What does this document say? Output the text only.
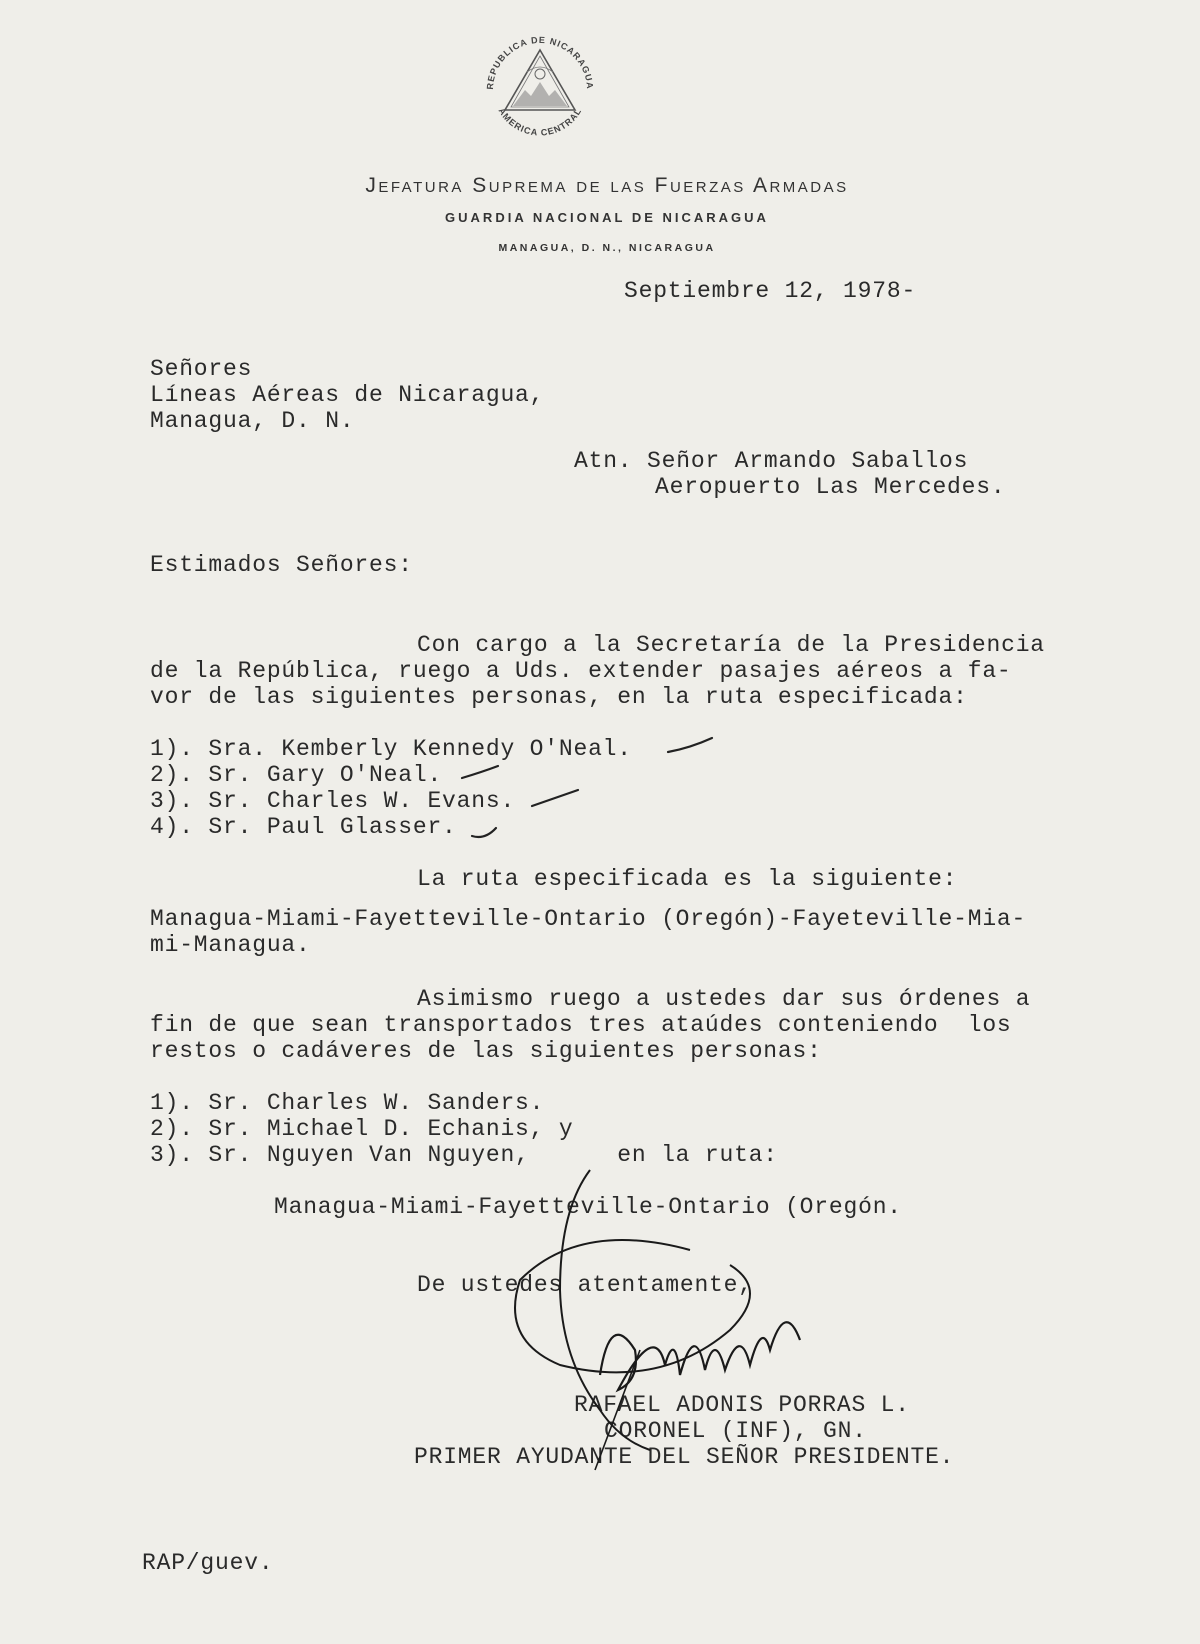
REPUBLICA DE NICARAGUA
AMERICA CENTRAL
Jefatura Suprema de las Fuerzas Armadas
GUARDIA NACIONAL DE NICARAGUA
MANAGUA, D. N., NICARAGUA
Septiembre 12, 1978-
Señores
Líneas Aéreas de Nicaragua,
Managua, D. N.
Atn. Señor Armando Saballos
Aeropuerto Las Mercedes.
Estimados Señores:
Con cargo a la Secretaría de la Presidencia
de la República, ruego a Uds. extender pasajes aéreos a fa-
vor de las siguientes personas, en la ruta especificada:
1). Sra. Kemberly Kennedy O'Neal.
2). Sr. Gary O'Neal.
3). Sr. Charles W. Evans.
4). Sr. Paul Glasser.
La ruta especificada es la siguiente:
Managua-Miami-Fayetteville-Ontario (Oregón)-Fayeteville-Mia-
mi-Managua.
Asimismo ruego a ustedes dar sus órdenes a
fin de que sean transportados tres ataúdes conteniendo  los
restos o cadáveres de las siguientes personas:
1). Sr. Charles W. Sanders.
2). Sr. Michael D. Echanis, y
3). Sr. Nguyen Van Nguyen,      en la ruta:
Managua-Miami-Fayetteville-Ontario (Oregón.
De ustedes atentamente,
RAFAEL ADONIS PORRAS L.
CORONEL (INF), GN.
PRIMER AYUDANTE DEL SEÑOR PRESIDENTE.
RAP/guev.
